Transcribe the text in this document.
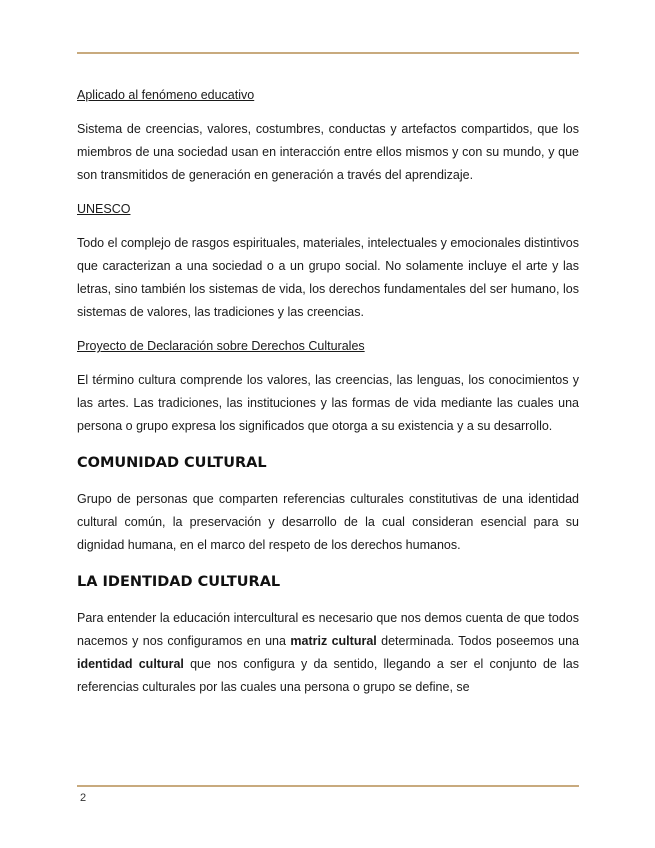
Aplicado al fenómeno educativo

Sistema de creencias, valores, costumbres, conductas y artefactos compartidos, que los miembros de una sociedad usan en interacción entre ellos mismos y con su mundo, y que son transmitidos de generación en generación a través del aprendizaje.

UNESCO

Todo el complejo de rasgos espirituales, materiales, intelectuales y emocionales distintivos que caracterizan a una sociedad o a un grupo social. No solamente incluye el arte y las letras, sino también los sistemas de vida, los derechos fundamentales del ser humano, los sistemas de valores, las tradiciones y las creencias.

Proyecto de Declaración sobre Derechos Culturales

El término cultura comprende los valores, las creencias, las lenguas, los conocimientos y las artes. Las tradiciones, las instituciones y las formas de vida mediante las cuales una persona o grupo expresa los significados que otorga a su existencia y a su desarrollo.

COMUNIDAD CULTURAL

Grupo de personas que comparten referencias culturales constitutivas de una identidad cultural común, la preservación y desarrollo de la cual consideran esencial para su dignidad humana, en el marco del respeto de los derechos humanos.

LA IDENTIDAD CULTURAL

Para entender la educación intercultural es necesario que nos demos cuenta de que todos nacemos y nos configuramos en una matriz cultural determinada. Todos poseemos una identidad cultural que nos configura y da sentido, llegando a ser el conjunto de las referencias culturales por las cuales una persona o grupo se define, se

2
